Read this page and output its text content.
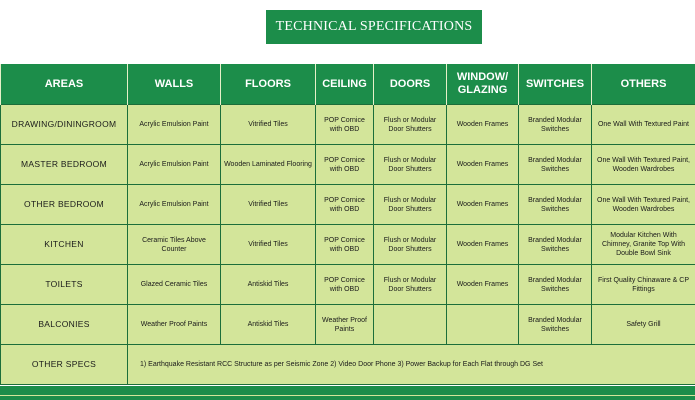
TECHNICAL SPECIFICATIONS
AREAS	WALLS	FLOORS	CEILING	DOORS	WINDOW/ GLAZING	SWITCHES	OTHERS
DRAWING/DININGROOM	Acrylic Emulsion Paint	Vitrified Tiles	POP Cornice with OBD	Flush or Modular Door Shutters	Wooden Frames	Branded Modular Switches	One Wall With Textured Paint
MASTER BEDROOM	Acrylic Emulsion Paint	Wooden Laminated Flooring	POP Cornice with OBD	Flush or Modular Door Shutters	Wooden Frames	Branded Modular Switches	One Wall With Textured Paint, Wooden Wardrobes
OTHER BEDROOM	Acrylic Emulsion Paint	Vitrified Tiles	POP Cornice with OBD	Flush or Modular Door Shutters	Wooden Frames	Branded Modular Switches	One Wall With Textured Paint, Wooden Wardrobes
KITCHEN	Ceramic Tiles Above Counter	Vitrified Tiles	POP Cornice with OBD	Flush or Modular Door Shutters	Wooden Frames	Branded Modular Switches	Modular Kitchen With Chimney, Granite Top With Double Bowl Sink
TOILETS	Glazed Ceramic Tiles	Antiskid Tiles	POP Cornice with OBD	Flush or Modular Door Shutters	Wooden Frames	Branded Modular Switches	First Quality Chinaware & CP Fittings
BALCONIES	Weather Proof Paints	Antiskid Tiles	Weather Proof Paints			Branded Modular Switches	Safety Grill
OTHER SPECS	1) Earthquake Resistant RCC Structure as per Seismic Zone 2) Video Door Phone 3) Power Backup for Each Flat through DG Set						
